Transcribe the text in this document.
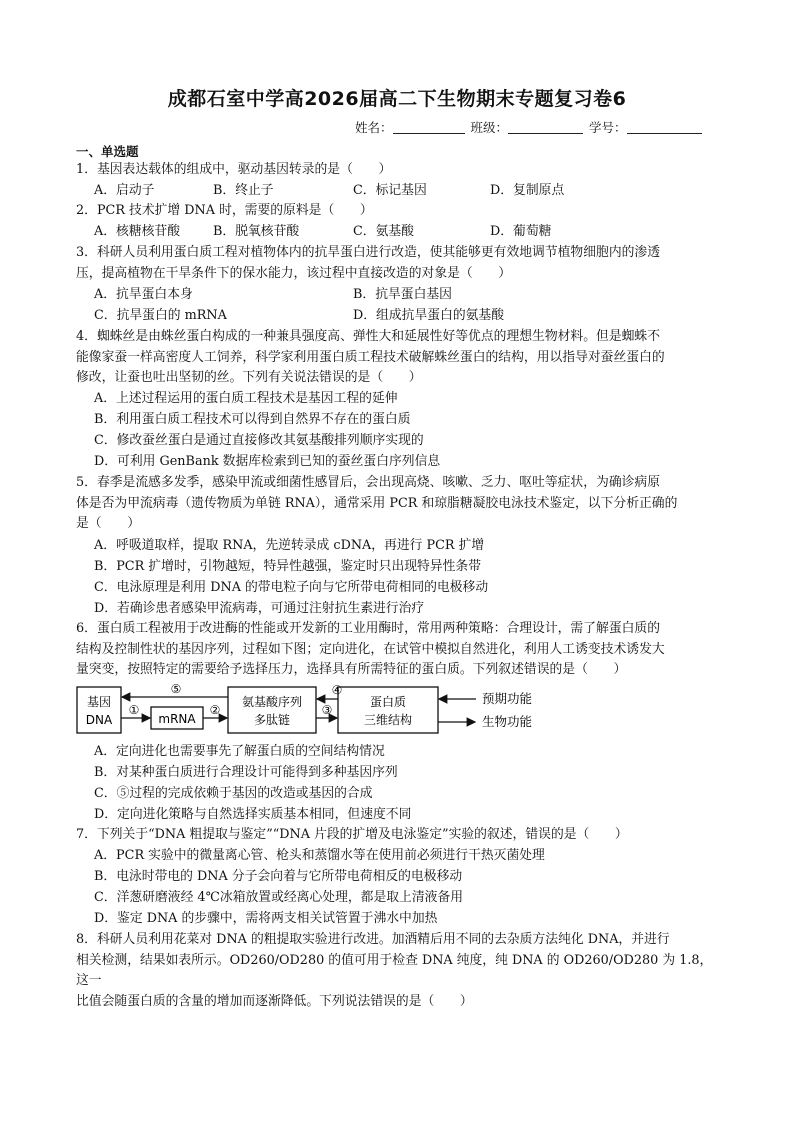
成都石室中学高2026届高二下生物期末专题复习卷6
姓名：	班级：	学号：
一、单选题
1．基因表达载体的组成中，驱动基因转录的是（　　）
A．启动子	B．终止子	C．标记基因	D．复制原点
2．PCR 技术扩增 DNA 时，需要的原料是（　　）
A．核糖核苷酸	B．脱氧核苷酸	C．氨基酸	D．葡萄糖
3．科研人员利用蛋白质工程对植物体内的抗旱蛋白进行改造，使其能够更有效地调节植物细胞内的渗透
压，提高植物在干旱条件下的保水能力，该过程中直接改造的对象是（　　）
A．抗旱蛋白本身	B．抗旱蛋白基因
C．抗旱蛋白的 mRNA	D．组成抗旱蛋白的氨基酸
4．蜘蛛丝是由蛛丝蛋白构成的一种兼具强度高、弹性大和延展性好等优点的理想生物材料。但是蜘蛛不
能像家蚕一样高密度人工饲养，科学家利用蛋白质工程技术破解蛛丝蛋白的结构，用以指导对蚕丝蛋白的
修改，让蚕也吐出坚韧的丝。下列有关说法错误的是（　　）
A．上述过程运用的蛋白质工程技术是基因工程的延伸
B．利用蛋白质工程技术可以得到自然界不存在的蛋白质
C．修改蚕丝蛋白是通过直接修改其氨基酸排列顺序实现的
D．可利用 GenBank 数据库检索到已知的蚕丝蛋白序列信息
5．春季是流感多发季，感染甲流或细菌性感冒后，会出现高烧、咳嗽、乏力、呕吐等症状，为确诊病原
体是否为甲流病毒（遗传物质为单链 RNA），通常采用 PCR 和琼脂糖凝胶电泳技术鉴定，以下分析正确的
是（　　）
A．呼吸道取样，提取 RNA，先逆转录成 cDNA，再进行 PCR 扩增
B．PCR 扩增时，引物越短，特异性越强，鉴定时只出现特异性条带
C．电泳原理是利用 DNA 的带电粒子向与它所带电荷相同的电极移动
D．若确诊患者感染甲流病毒，可通过注射抗生素进行治疗
6．蛋白质工程被用于改进酶的性能或开发新的工业用酶时，常用两种策略：合理设计，需了解蛋白质的
结构及控制性状的基因序列，过程如下图；定向进化，在试管中模拟自然进化，利用人工诱变技术诱发大
量突变，按照特定的需要给予选择压力，选择具有所需特征的蛋白质。下列叙述错误的是（　　）
基因
DNA	mRNA
氨基酸序列
多肽链
蛋白质
三维结构
①	②	③
④
⑤
预期功能
生物功能
A．定向进化也需要事先了解蛋白质的空间结构情况
B．对某种蛋白质进行合理设计可能得到多种基因序列
C．⑤过程的完成依赖于基因的改造或基因的合成
D．定向进化策略与自然选择实质基本相同，但速度不同
7．下列关于“DNA 粗提取与鉴定”“DNA 片段的扩增及电泳鉴定”实验的叙述，错误的是（　　）
A．PCR 实验中的微量离心管、枪头和蒸馏水等在使用前必须进行干热灭菌处理
B．电泳时带电的 DNA 分子会向着与它所带电荷相反的电极移动
C．洋葱研磨液经 4℃冰箱放置或经离心处理，都是取上清液备用
D．鉴定 DNA 的步骤中，需将两支相关试管置于沸水中加热
8．科研人员利用花菜对 DNA 的粗提取实验进行改进。加酒精后用不同的去杂质方法纯化 DNA，并进行
相关检测，结果如表所示。OD260/OD280 的值可用于检查 DNA 纯度，纯 DNA 的 OD260/OD280 为 1.8，这一
比值会随蛋白质的含量的增加而逐渐降低。下列说法错误的是（　　）
